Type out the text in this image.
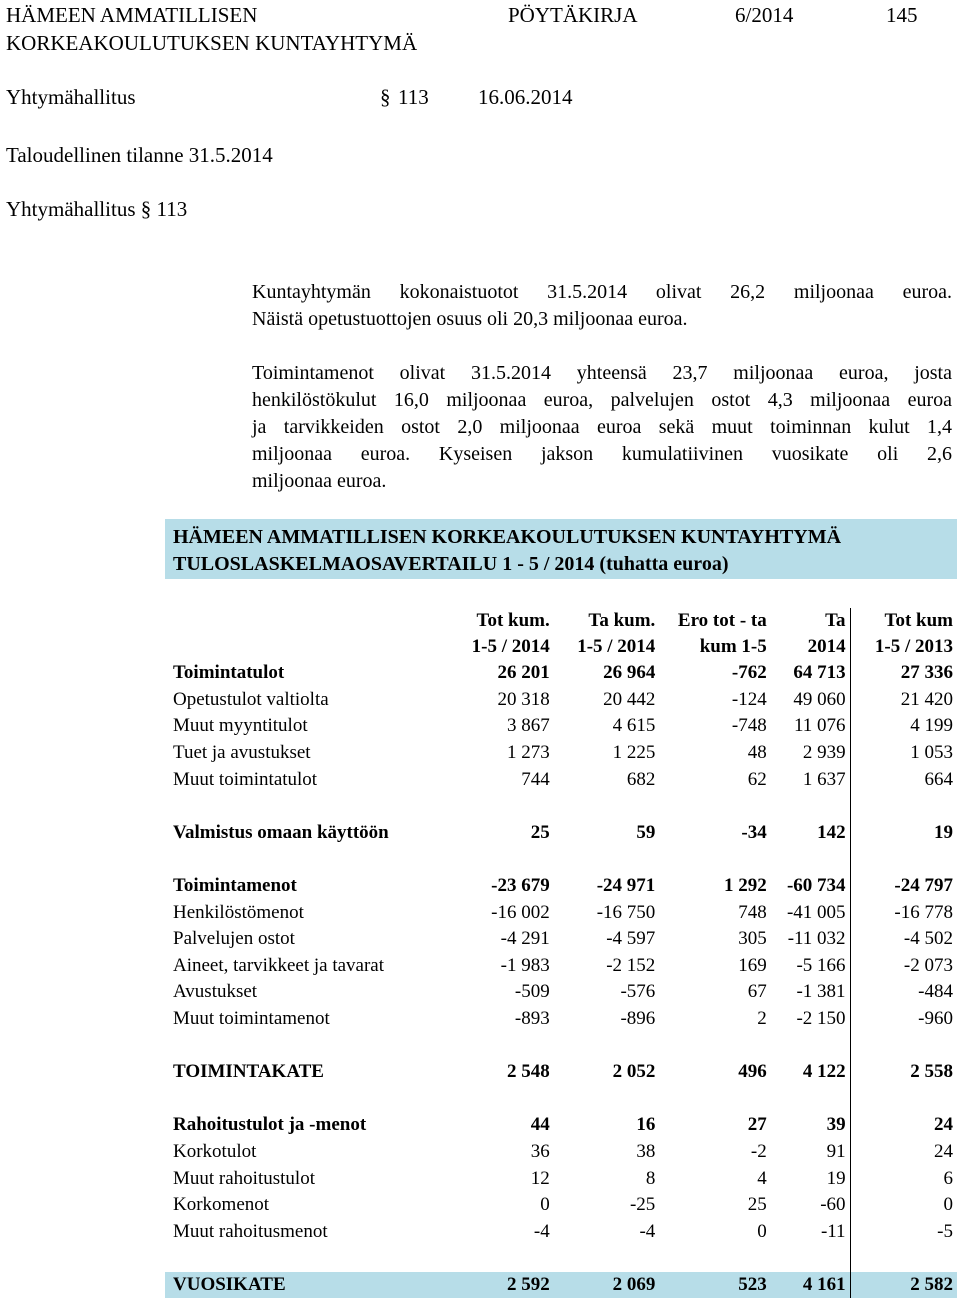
HÄMEEN AMMATILLISEN
KORKEAKOULUTUKSEN KUNTAYHTYMÄ
PÖYTÄKIRJA	6/2014	145
Yhtymähallitus	§ 113 16.06.2014
Taloudellinen tilanne 31.5.2014
Yhtymähallitus § 113
Kuntayhtymän kokonaistuotot 31.5.2014 olivat 26,2 miljoonaa euroa.
Näistä opetustuottojen osuus oli 20,3 miljoonaa euroa.
Toimintamenot olivat 31.5.2014 yhteensä 23,7 miljoonaa euroa, josta
henkilöstökulut 16,0 miljoonaa euroa, palvelujen ostot 4,3 miljoonaa euroa
ja tarvikkeiden ostot 2,0 miljoonaa euroa sekä muut toiminnan kulut 1,4
miljoonaa euroa. Kyseisen jakson kumulatiivinen vuosikate oli 2,6
miljoonaa euroa.
HÄMEEN AMMATILLISEN KORKEAKOULUTUKSEN KUNTAYHTYMÄ
TULOSLASKELMAOSAVERTAILU 1 - 5 / 2014 (tuhatta euroa)
	Tot kum.	Ta kum.	Ero tot - ta	Ta	Tot kum
	1-5 / 2014	1-5 / 2014	kum 1-5	2014	1-5 / 2013
Toimintatulot	26 201	26 964	-762	64 713	27 336
Opetustulot valtiolta	20 318	20 442	-124	49 060	21 420
Muut myyntitulot	3 867	4 615	-748	11 076	4 199
Tuet ja avustukset	1 273	1 225	48	2 939	1 053
Muut toimintatulot	744	682	62	1 637	664

Valmistus omaan käyttöön	25	59	-34	142	19

Toimintamenot	-23 679	-24 971	1 292	-60 734	-24 797
Henkilöstömenot	-16 002	-16 750	748	-41 005	-16 778
Palvelujen ostot	-4 291	-4 597	305	-11 032	-4 502
Aineet, tarvikkeet ja tavarat	-1 983	-2 152	169	-5 166	-2 073
Avustukset	-509	-576	67	-1 381	-484
Muut toimintamenot	-893	-896	2	-2 150	-960

TOIMINTAKATE	2 548	2 052	496	4 122	2 558

Rahoitustulot ja -menot	44	16	27	39	24
Korkotulot	36	38	-2	91	24
Muut rahoitustulot	12	8	4	19	6
Korkomenot	0	-25	25	-60	0
Muut rahoitusmenot	-4	-4	0	-11	-5

VUOSIKATE	2 592	2 069	523	4 161	2 582
